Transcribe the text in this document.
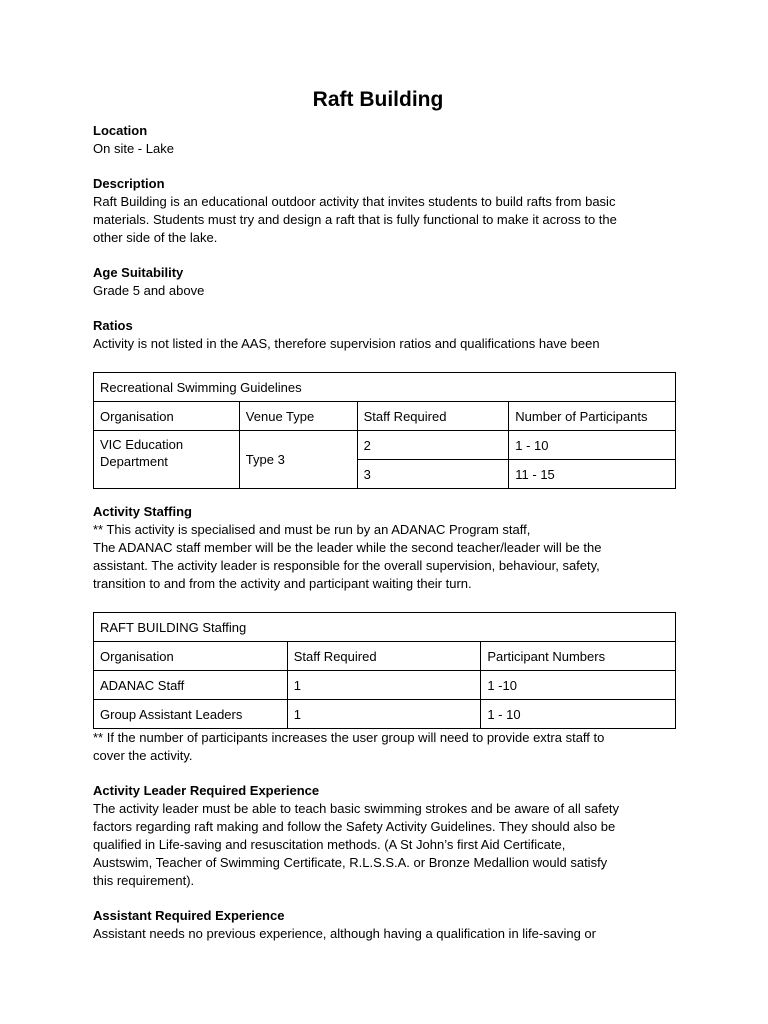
Raft Building

Location

On site - Lake

Description

Raft Building is an educational outdoor activity that invites students to build rafts from basic

materials. Students must try and design a raft that is fully functional to make it across to the

other side of the lake.

Age Suitability

Grade 5 and above

Ratios

Activity is not listed in the AAS, therefore supervision ratios and qualifications have been

Recreational Swimming Guidelines			
Organisation	Venue Type	Staff Required	Number of Participants

VIC Education
Department	Type 3	2	1 - 10
		3	11 - 15

Activity Staffing

** This activity is specialised and must be run by an ADANAC Program staff,

The ADANAC staff member will be the leader while the second teacher/leader will be the

assistant. The activity leader is responsible for the overall supervision, behaviour, safety,

transition to and from the activity and participant waiting their turn.

RAFT BUILDING Staffing		
Organisation	Staff Required	Participant Numbers
ADANAC Staff	1	1 -10
Group Assistant Leaders	1	1 - 10

** If the number of participants increases the user group will need to provide extra staff to

cover the activity.

Activity Leader Required Experience

The activity leader must be able to teach basic swimming strokes and be aware of all safety

factors regarding raft making and follow the Safety Activity Guidelines. They should also be

qualified in Life-saving and resuscitation methods. (A St John’s first Aid Certificate,

Austswim, Teacher of Swimming Certificate, R.L.S.S.A. or Bronze Medallion would satisfy

this requirement).

Assistant Required Experience

Assistant needs no previous experience, although having a qualification in life-saving or
